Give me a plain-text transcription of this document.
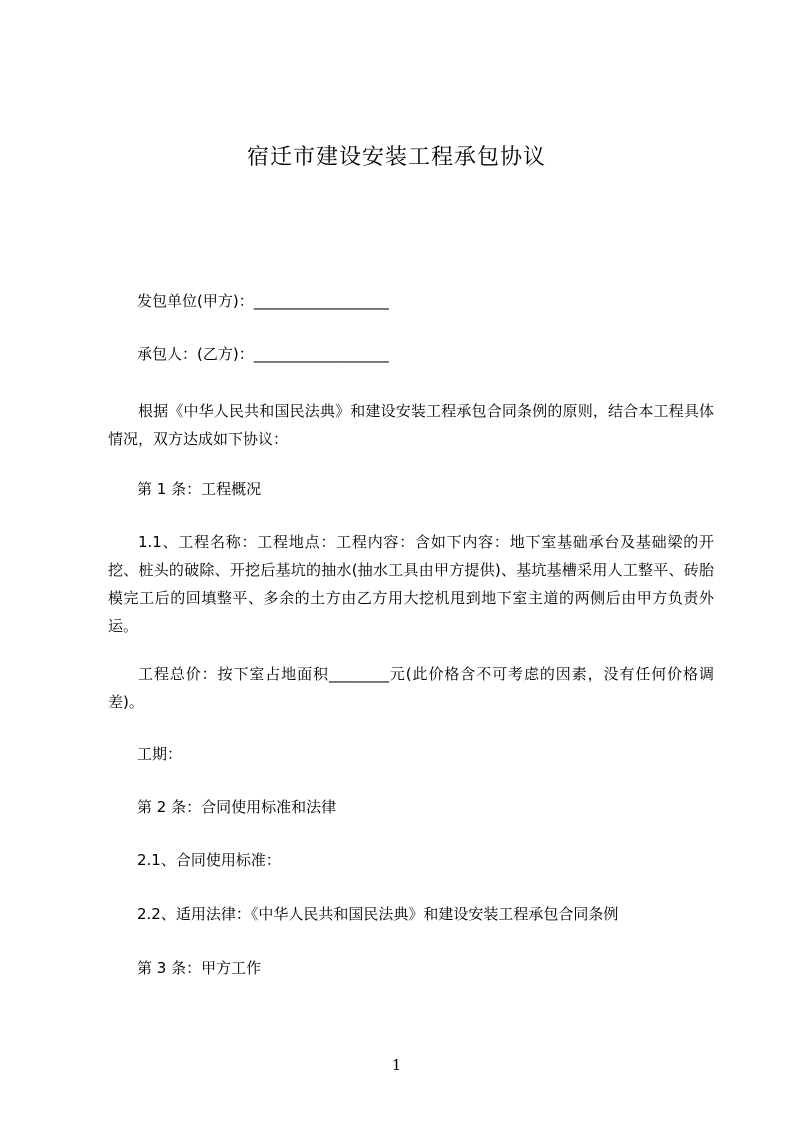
宿迁市建设安装工程承包协议
发包单位(甲方)：__________________
承包人：(乙方)：__________________
根据《中华人民共和国民法典》和建设安装工程承包合同条例的原则，结合本工程具体情况，双方达成如下协议：
第 1 条：工程概况
1.1、工程名称：工程地点：工程内容：含如下内容：地下室基础承台及基础梁的开挖、桩头的破除、开挖后基坑的抽水(抽水工具由甲方提供)、基坑基槽采用人工整平、砖胎模完工后的回填整平、多余的土方由乙方用大挖机甩到地下室主道的两侧后由甲方负责外运。
工程总价：按下室占地面积________元(此价格含不可考虑的因素，没有任何价格调差)。
工期：
第 2 条：合同使用标准和法律
2.1、合同使用标准：
2.2、适用法律：《中华人民共和国民法典》和建设安装工程承包合同条例
第 3 条：甲方工作
1
